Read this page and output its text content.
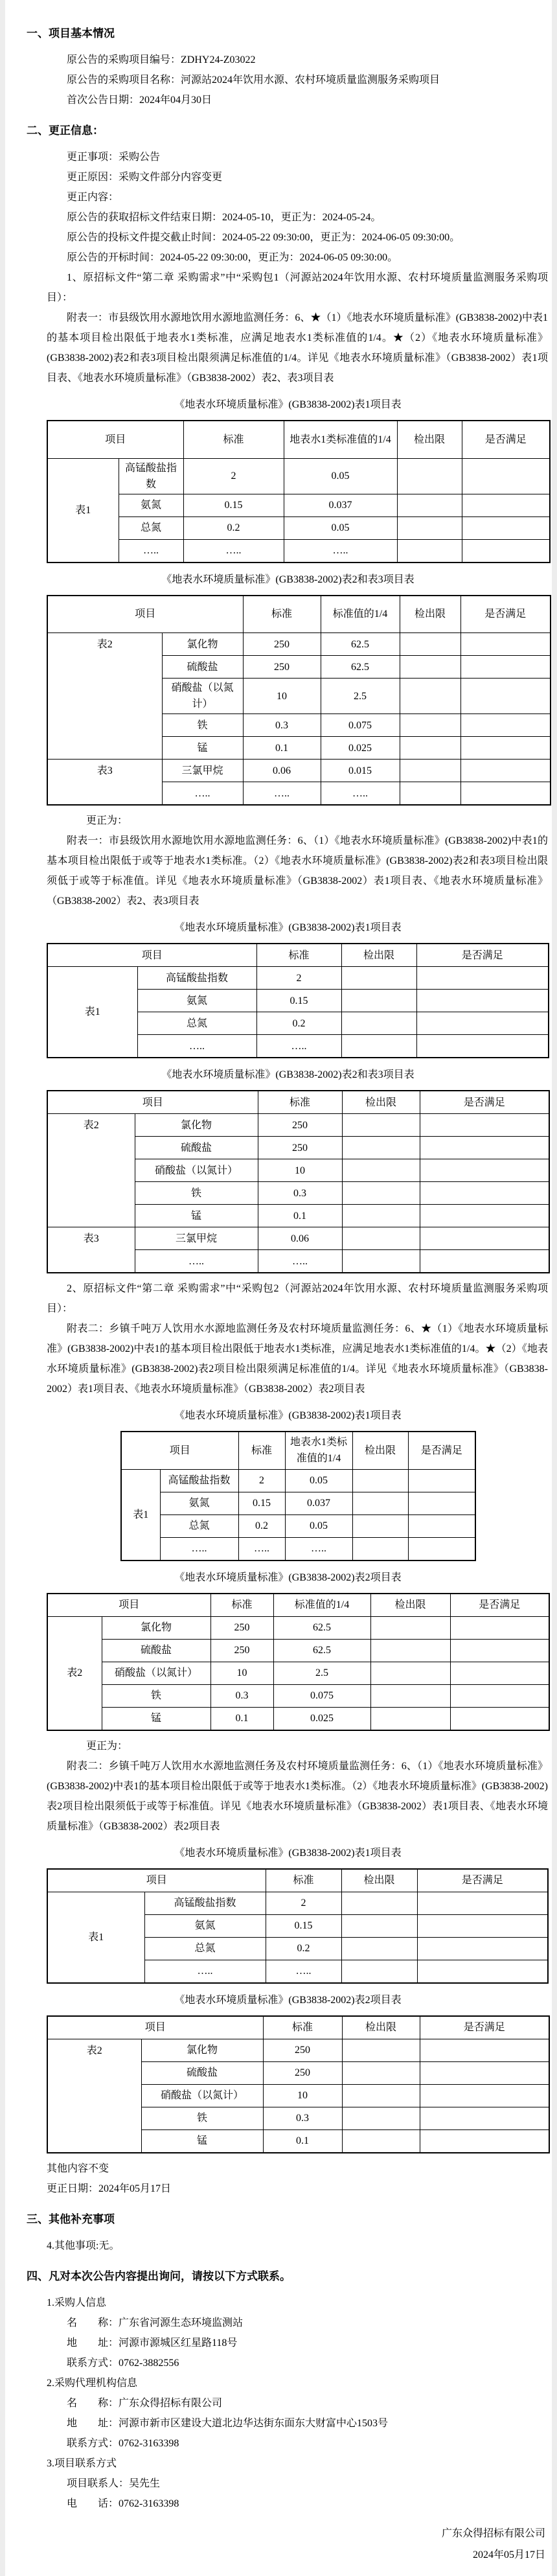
一、项目基本情况
原公告的采购项目编号：ZDHY24-Z03022
原公告的采购项目名称：河源站2024年饮用水源、农村环境质量监测服务采购项目
首次公告日期：2024年04月30日
二、更正信息：
更正事项：采购公告
更正原因：采购文件部分内容变更
更正内容：
原公告的获取招标文件结束日期：2024-05-10，更正为：2024-05-24。
原公告的投标文件提交截止时间：2024-05-22 09:30:00，更正为：2024-06-05 09:30:00。
原公告的开标时间：2024-05-22 09:30:00，更正为：2024-06-05 09:30:00。
1、原招标文件“第二章 采购需求”中“采购包1（河源站2024年饮用水源、农村环境质量监测服务采购项目）：
附表一：市县级饮用水源地饮用水源地监测任务：6、★（1）《地表水环境质量标准》(GB3838-2002)中表1的基本项目检出限低于地表水1类标准，应满足地表水1类标准值的1/4。★（2）《地表水环境质量标准》(GB3838-2002)表2和表3项目检出限须满足标准值的1/4。详见《地表水环境质量标准》（GB3838-2002）表1项目表、《地表水环境质量标准》（GB3838-2002）表2、表3项目表
《地表水环境质量标准》(GB3838-2002)表1项目表
项目		标准	地表水1类标准值的1/4	检出限	是否满足
表1	高锰酸盐指数	2	0.05		
	氨氮	0.15	0.037		
	总氮	0.2	0.05		
	…..	…..	…..		
《地表水环境质量标准》(GB3838-2002)表2和表3项目表
项目		标准	标准值的1/4	检出限	是否满足
表2	氯化物	250	62.5		
	硫酸盐	250	62.5		
	硝酸盐（以氮计）	10	2.5		
	铁	0.3	0.075		
	锰	0.1	0.025		
表3	三氯甲烷	0.06	0.015		
	…..	…..	…..		
更正为：
附表一：市县级饮用水源地饮用水源地监测任务：6、（1）《地表水环境质量标准》(GB3838-2002)中表1的基本项目检出限低于或等于地表水1类标准。（2）《地表水环境质量标准》(GB3838-2002)表2和表3项目检出限须低于或等于标准值。详见《地表水环境质量标准》（GB3838-2002）表1项目表、《地表水环境质量标准》（GB3838-2002）表2、表3项目表
《地表水环境质量标准》(GB3838-2002)表1项目表
项目		标准	检出限	是否满足
表1	高锰酸盐指数	2		
	氨氮	0.15		
	总氮	0.2		
	…..	…..		
《地表水环境质量标准》(GB3838-2002)表2和表3项目表
项目		标准	检出限	是否满足
表2	氯化物	250		
	硫酸盐	250		
	硝酸盐（以氮计）	10		
	铁	0.3		
	锰	0.1		
表3	三氯甲烷	0.06		
	…..	…..		
2、原招标文件“第二章 采购需求”中“采购包2（河源站2024年饮用水源、农村环境质量监测服务采购项目）：
附表二：乡镇千吨万人饮用水水源地监测任务及农村环境质量监测任务：6、★（1）《地表水环境质量标准》(GB3838-2002)中表1的基本项目检出限低于地表水1类标准，应满足地表水1类标准值的1/4。★（2）《地表水环境质量标准》(GB3838-2002)表2项目检出限须满足标准值的1/4。详见《地表水环境质量标准》（GB3838-2002）表1项目表、《地表水环境质量标准》（GB3838-2002）表2项目表
《地表水环境质量标准》(GB3838-2002)表1项目表
项目		标准	地表水1类标准值的1/4	检出限	是否满足
表1	高锰酸盐指数	2	0.05		
	氨氮	0.15	0.037		
	总氮	0.2	0.05		
	…..	…..	…..		
《地表水环境质量标准》(GB3838-2002)表2项目表
项目		标准	标准值的1/4	检出限	是否满足
表2	氯化物	250	62.5		
	硫酸盐	250	62.5		
	硝酸盐（以氮计）	10	2.5		
	铁	0.3	0.075		
	锰	0.1	0.025		
更正为：
附表二：乡镇千吨万人饮用水水源地监测任务及农村环境质量监测任务：6、（1）《地表水环境质量标准》(GB3838-2002)中表1的基本项目检出限低于或等于地表水1类标准。（2）《地表水环境质量标准》(GB3838-2002)表2项目检出限须低于或等于标准值。详见《地表水环境质量标准》（GB3838-2002）表1项目表、《地表水环境质量标准》（GB3838-2002）表2项目表
《地表水环境质量标准》(GB3838-2002)表1项目表
项目		标准	检出限	是否满足
表1	高锰酸盐指数	2		
	氨氮	0.15		
	总氮	0.2		
	…..	…..		
《地表水环境质量标准》(GB3838-2002)表2项目表
项目		标准	检出限	是否满足
表2	氯化物	250		
	硫酸盐	250		
	硝酸盐（以氮计）	10		
	铁	0.3		
	锰	0.1		
其他内容不变
更正日期：2024年05月17日
三、其他补充事项
4.其他事项:无。
四、凡对本次公告内容提出询问，请按以下方式联系。
1.采购人信息
名　　称：广东省河源生态环境监测站
地　　址：河源市源城区红星路118号
联系方式：0762-3882556
2.采购代理机构信息
名　　称：广东众得招标有限公司
地　　址：河源市新市区建设大道北边华达街东面东大财富中心1503号
联系方式：0762-3163398
3.项目联系方式
项目联系人：吴先生
电　　话：0762-3163398
广东众得招标有限公司
2024年05月17日
